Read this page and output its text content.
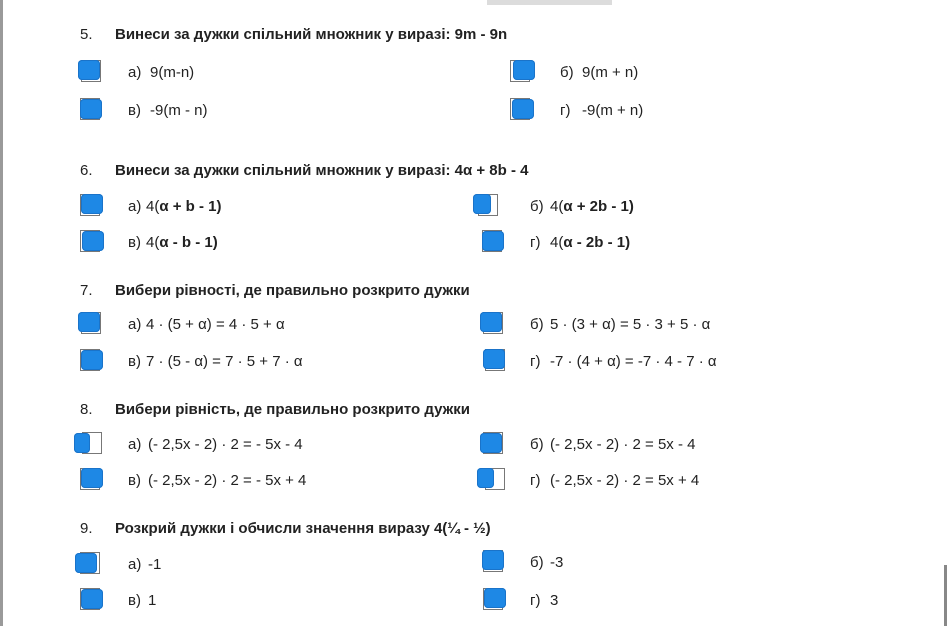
5. Винеси за дужки спільний множник у виразі: 9m - 9n
а) 9(m-n)	б) 9(m + n)
в) -9(m - n)	г) -9(m + n)
6. Винеси за дужки спільний множник у виразі: 4α + 8b - 4
а) 4(α + b - 1)	б) 4(α + 2b - 1)
в) 4(α - b - 1)	г) 4(α - 2b - 1)
7. Вибери рівності, де правильно розкрито дужки
а) 4 · (5 + α) = 4 · 5 + α	б) 5 · (3 + α) = 5 · 3 + 5 · α
в) 7 · (5 - α) = 7 · 5 + 7 · α	г) -7 · (4 + α) = -7 · 4 - 7 · α
8. Вибери рівність, де правильно розкрито дужки
а) (- 2,5x - 2) · 2 = - 5x - 4	б) (- 2,5x - 2) · 2 = 5x - 4
в) (- 2,5x - 2) · 2 = - 5x + 4	г) (- 2,5x - 2) · 2 = 5x + 4
9. Розкрий дужки і обчисли значення виразу 4(¼ - ½)
а) -1	б) -3
в) 1	г) 3
